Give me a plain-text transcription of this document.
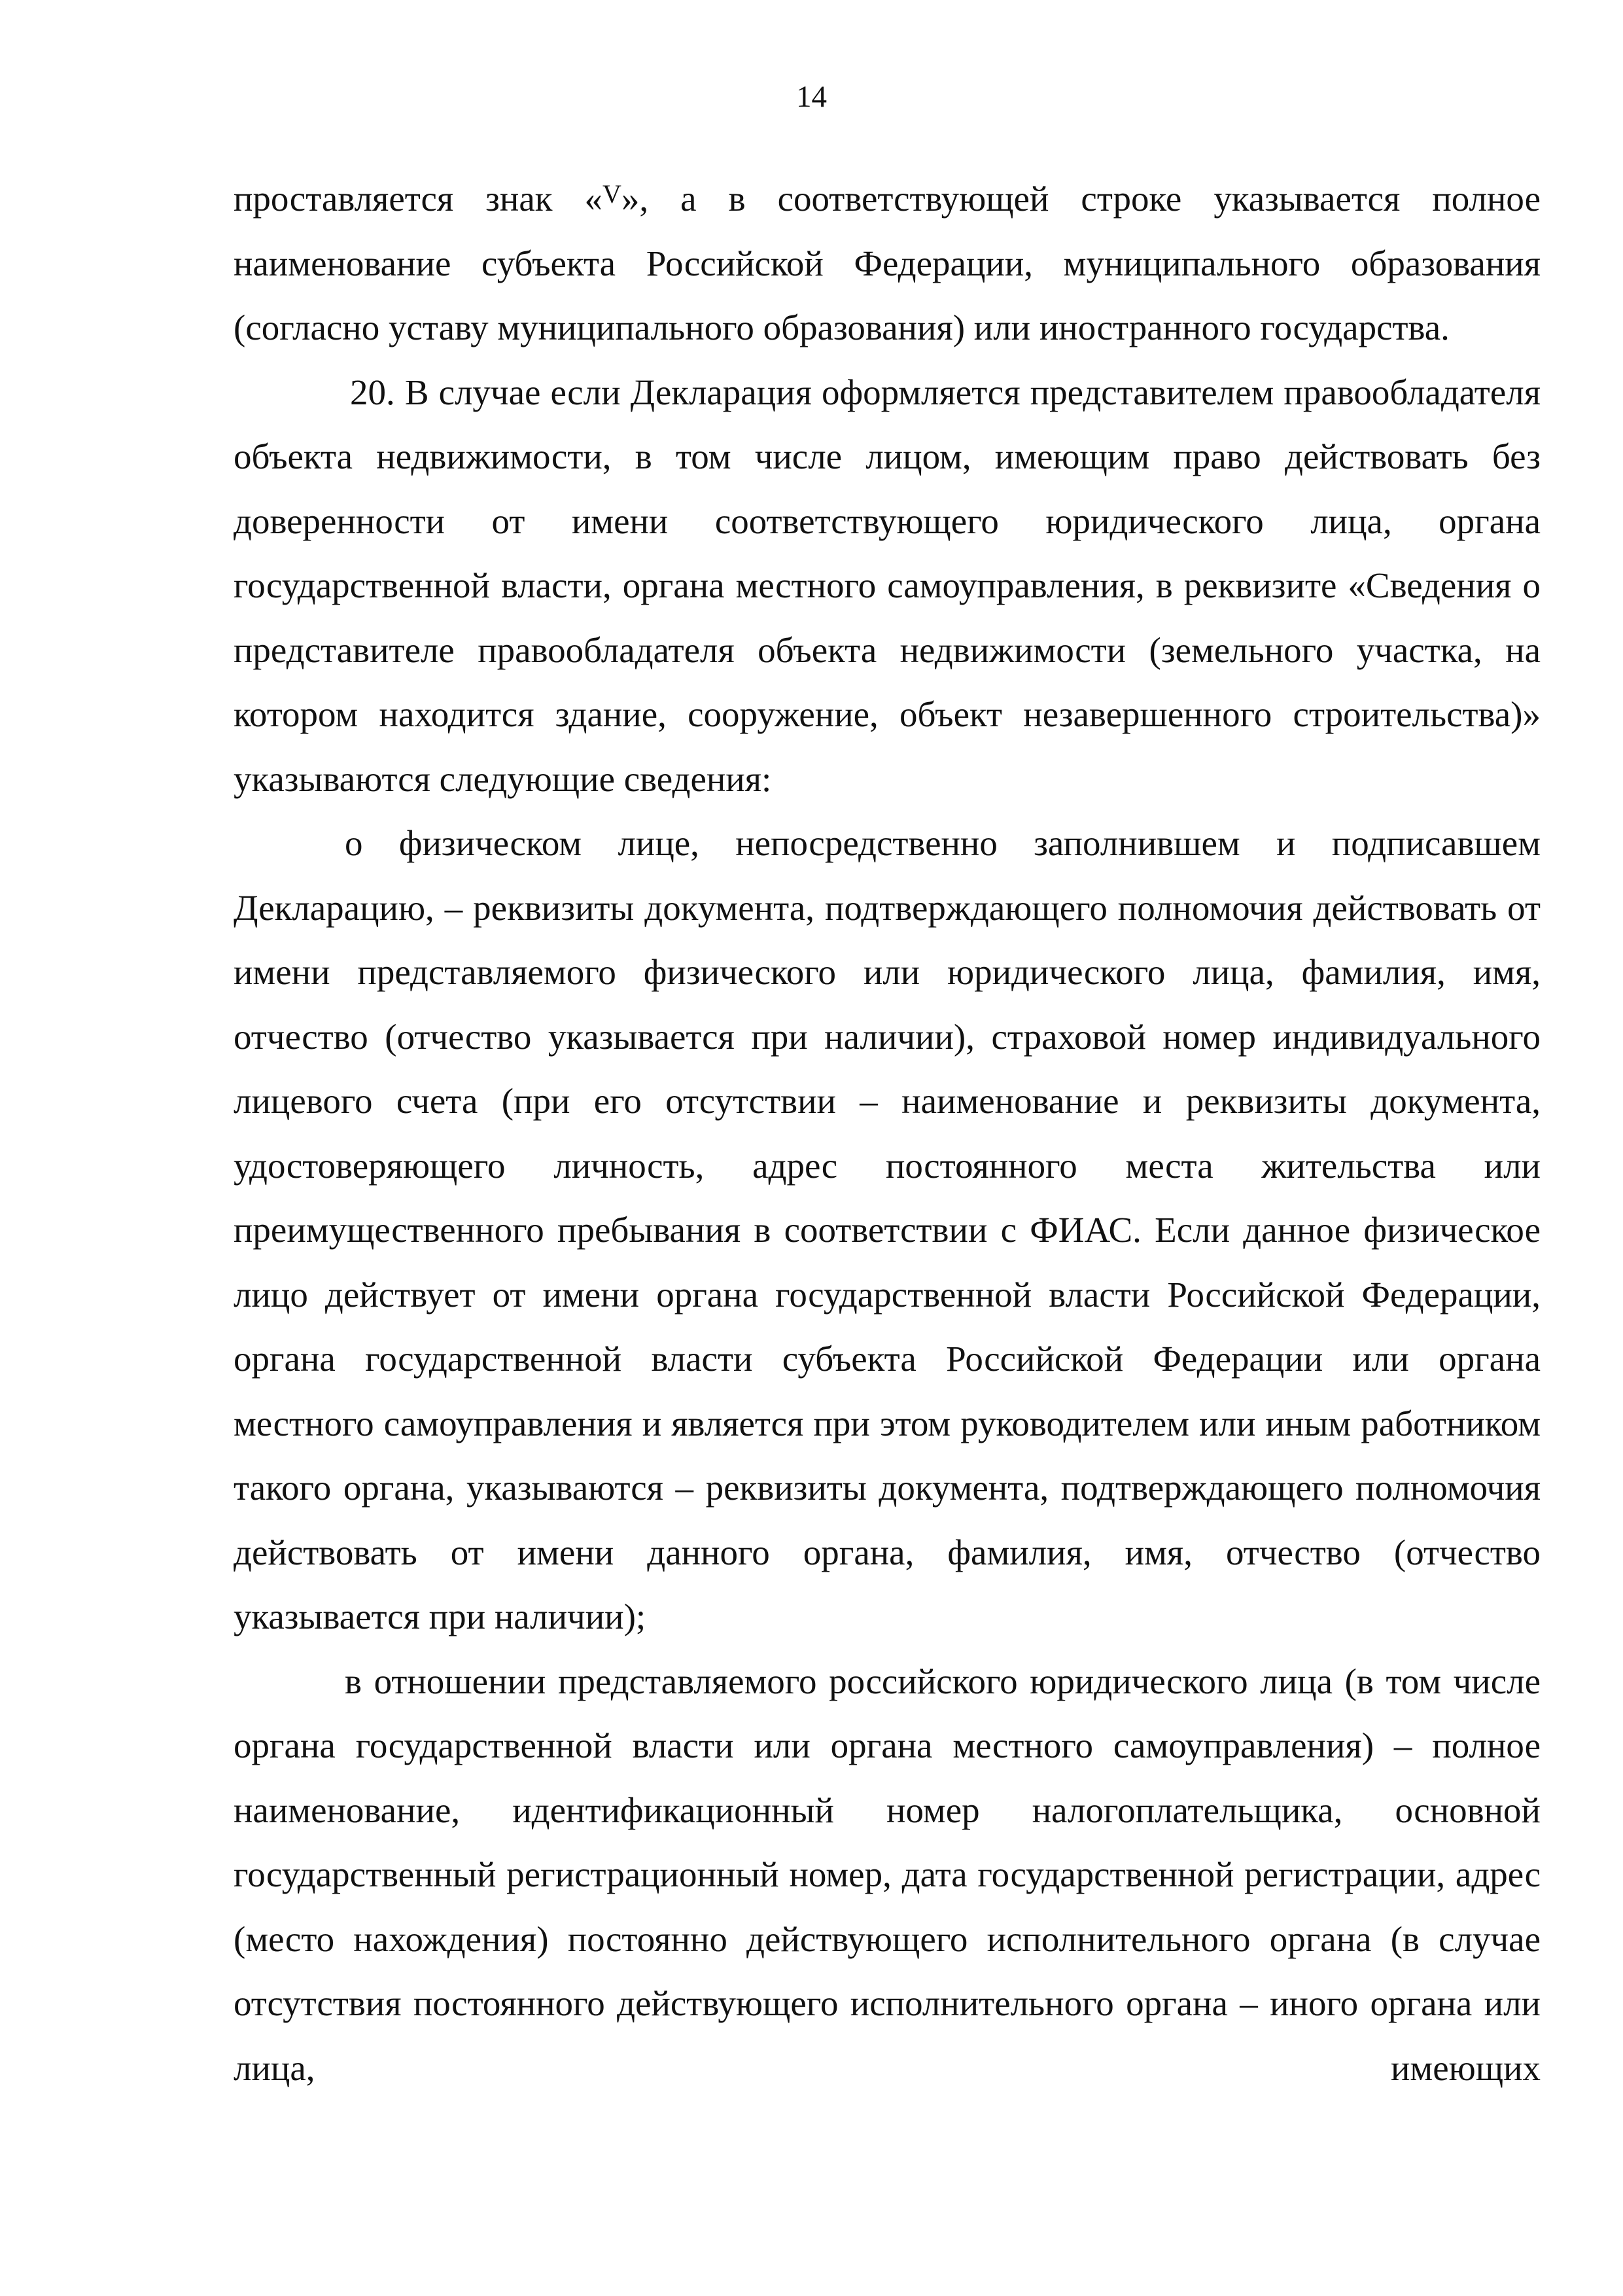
14

проставляется знак «$^V$», а в соответствующей строке указывается полное наименование субъекта Российской Федерации, муниципального образования (согласно уставу муниципального образования) или иностранного государства.

20. В случае если Декларация оформляется представителем правообладателя объекта недвижимости, в том числе лицом, имеющим право действовать без доверенности от имени соответствующего юридического лица, органа государственной власти, органа местного самоуправления, в реквизите «Сведения о представителе правообладателя объекта недвижимости (земельного участка, на котором находится здание, сооружение, объект незавершенного строительства)» указываются следующие сведения:

о физическом лице, непосредственно заполнившем и подписавшем Декларацию, – реквизиты документа, подтверждающего полномочия действовать от имени представляемого физического или юридического лица, фамилия, имя, отчество (отчество указывается при наличии), страховой номер индивидуального лицевого счета (при его отсутствии – наименование и реквизиты документа, удостоверяющего личность, адрес постоянного места жительства или преимущественного пребывания в соответствии с ФИАС. Если данное физическое лицо действует от имени органа государственной власти Российской Федерации, органа государственной власти субъекта Российской Федерации или органа местного самоуправления и является при этом руководителем или иным работником такого органа, указываются – реквизиты документа, подтверждающего полномочия действовать от имени данного органа, фамилия, имя, отчество (отчество указывается при наличии);

в отношении представляемого российского юридического лица (в том числе органа государственной власти или органа местного самоуправления) – полное наименование, идентификационный номер налогоплательщика, основной государственный регистрационный номер, дата государственной регистрации, адрес (место нахождения) постоянно действующего исполнительного органа (в случае отсутствия постоянного действующего исполнительного органа – иного органа или лица, имеющих
